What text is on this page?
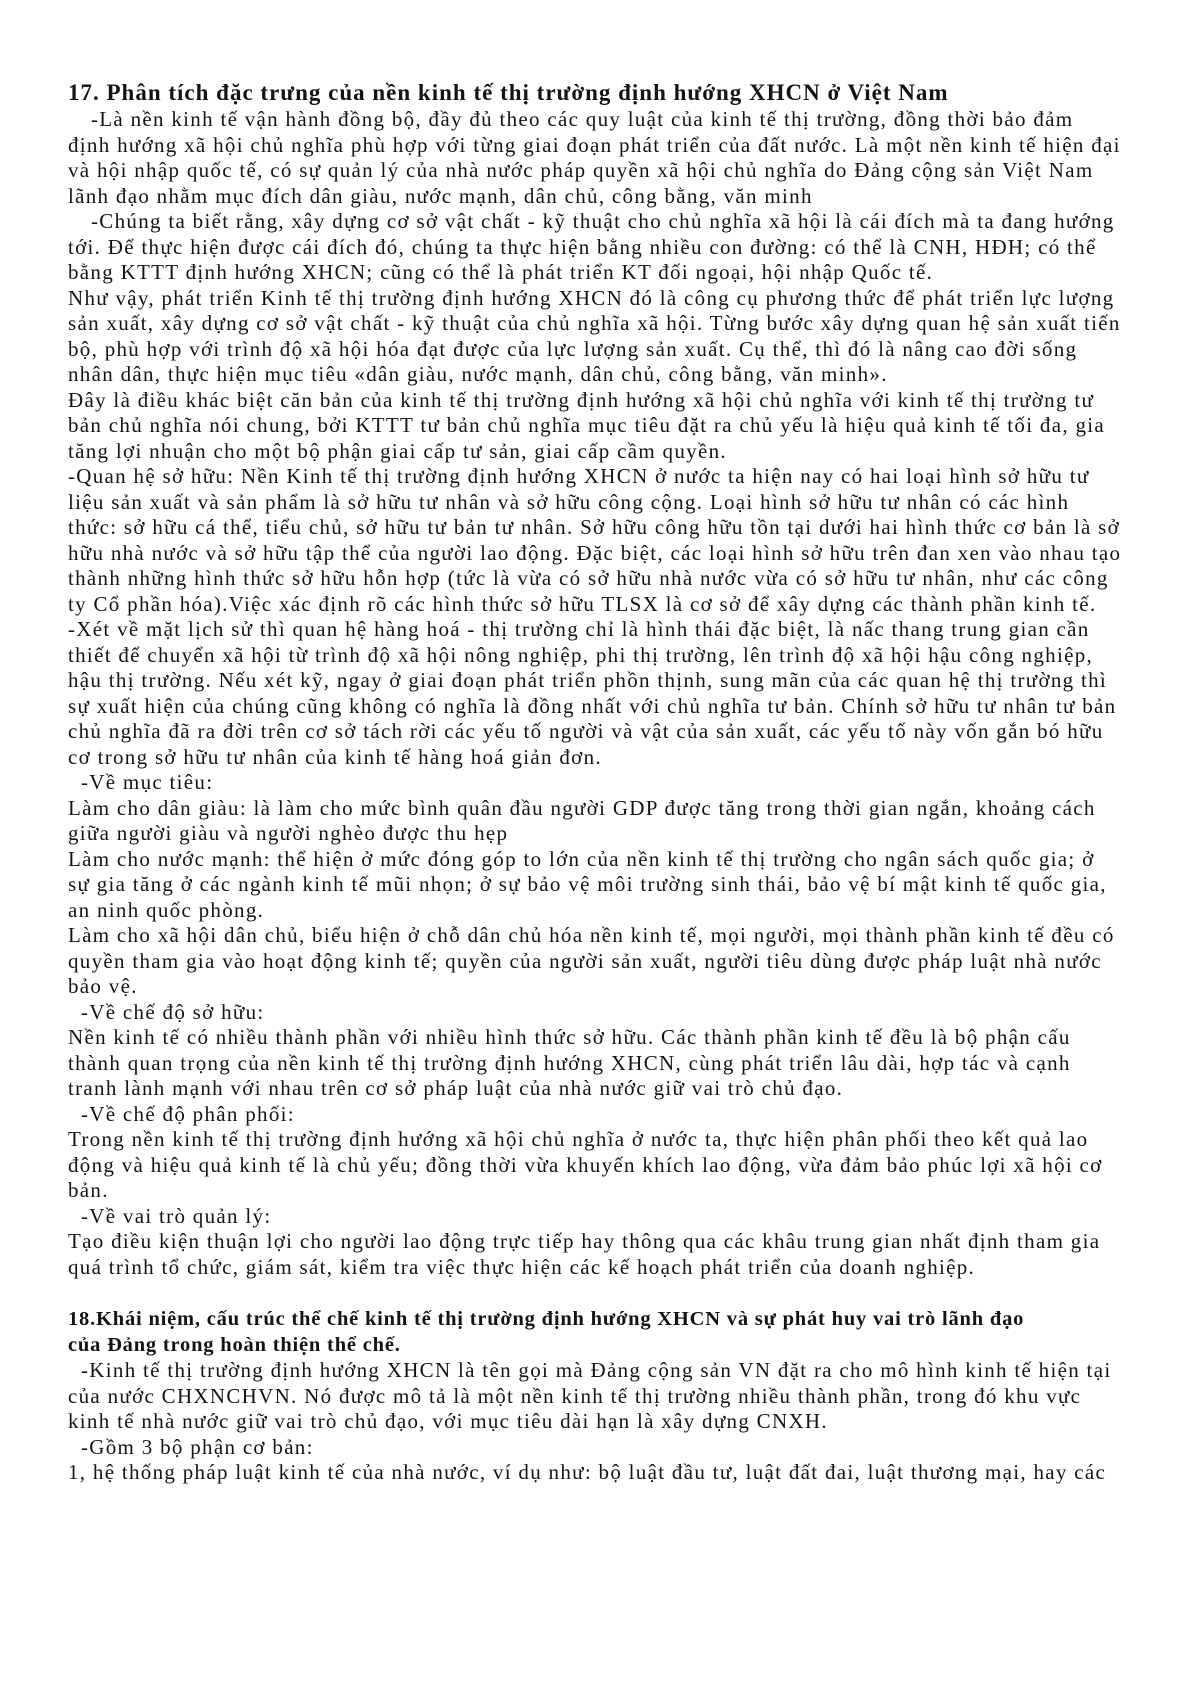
17. Phân tích đặc trưng của nền kinh tế thị trường định hướng XHCN ở Việt Nam
-Là nền kinh tế vận hành đồng bộ, đầy đủ theo các quy luật của kinh tế thị trường, đồng thời bảo đảm
định hướng xã hội chủ nghĩa phù hợp với từng giai đoạn phát triển của đất nước. Là một nền kinh tế hiện đại
và hội nhập quốc tế, có sự quản lý của nhà nước pháp quyền xã hội chủ nghĩa do Đảng cộng sản Việt Nam
lãnh đạo nhằm mục đích dân giàu, nước mạnh, dân chủ, công bằng, văn minh
-Chúng ta biết rằng, xây dựng cơ sở vật chất - kỹ thuật cho chủ nghĩa xã hội là cái đích mà ta đang hướng
tới. Để thực hiện được cái đích đó, chúng ta thực hiện bằng nhiều con đường: có thể là CNH, HĐH; có thể
bằng KTTT định hướng XHCN; cũng có thể là phát triển KT đối ngoại, hội nhập Quốc tế.
Như vậy, phát triển Kinh tế thị trường định hướng XHCN đó là công cụ phương thức để phát triển lực lượng
sản xuất, xây dựng cơ sở vật chất - kỹ thuật của chủ nghĩa xã hội. Từng bước xây dựng quan hệ sản xuất tiến
bộ, phù hợp với trình độ xã hội hóa đạt được của lực lượng sản xuất. Cụ thể, thì đó là nâng cao đời sống
nhân dân, thực hiện mục tiêu «dân giàu, nước mạnh, dân chủ, công bằng, văn minh».
Đây là điều khác biệt căn bản của kinh tế thị trường định hướng xã hội chủ nghĩa với kinh tế thị trường tư
bản chủ nghĩa nói chung, bởi KTTT tư bản chủ nghĩa mục tiêu đặt ra chủ yếu là hiệu quả kinh tế tối đa, gia
tăng lợi nhuận cho một bộ phận giai cấp tư sản, giai cấp cầm quyền.
-Quan hệ sở hữu: Nền Kinh tế thị trường định hướng XHCN ở nước ta hiện nay có hai loại hình sở hữu tư
liệu sản xuất và sản phẩm là sở hữu tư nhân và sở hữu công cộng. Loại hình sở hữu tư nhân có các hình
thức: sở hữu cá thể, tiểu chủ, sở hữu tư bản tư nhân. Sở hữu công hữu tồn tại dưới hai hình thức cơ bản là sở
hữu nhà nước và sở hữu tập thể của người lao động. Đặc biệt, các loại hình sở hữu trên đan xen vào nhau tạo
thành những hình thức sở hữu hỗn hợp (tức là vừa có sở hữu nhà nước vừa có sở hữu tư nhân, như các công
ty Cổ phần hóa).Việc xác định rõ các hình thức sở hữu TLSX là cơ sở để xây dựng các thành phần kinh tế.
-Xét về mặt lịch sử thì quan hệ hàng hoá - thị trường chỉ là hình thái đặc biệt, là nấc thang trung gian cần
thiết để chuyển xã hội từ trình độ xã hội nông nghiệp, phi thị trường, lên trình độ xã hội hậu công nghiệp,
hậu thị trường. Nếu xét kỹ, ngay ở giai đoạn phát triển phồn thịnh, sung mãn của các quan hệ thị trường thì
sự xuất hiện của chúng cũng không có nghĩa là đồng nhất với chủ nghĩa tư bản. Chính sở hữu tư nhân tư bản
chủ nghĩa đã ra đời trên cơ sở tách rời các yếu tố người và vật của sản xuất, các yếu tố này vốn gắn bó hữu
cơ trong sở hữu tư nhân của kinh tế hàng hoá giản đơn.
-Về mục tiêu:
Làm cho dân giàu: là làm cho mức bình quân đầu người GDP được tăng trong thời gian ngắn, khoảng cách
giữa người giàu và người nghèo được thu hẹp
Làm cho nước mạnh: thể hiện ở mức đóng góp to lớn của nền kinh tế thị trường cho ngân sách quốc gia; ở
sự gia tăng ở các ngành kinh tế mũi nhọn; ở sự bảo vệ môi trường sinh thái, bảo vệ bí mật kinh tế quốc gia,
an ninh quốc phòng.
Làm cho xã hội dân chủ, biểu hiện ở chỗ dân chủ hóa nền kinh tế, mọi người, mọi thành phần kinh tế đều có
quyền tham gia vào hoạt động kinh tế; quyền của người sản xuất, người tiêu dùng được pháp luật nhà nước
bảo vệ.
-Về chế độ sở hữu:
Nền kinh tế có nhiều thành phần với nhiều hình thức sở hữu. Các thành phần kinh tế đều là bộ phận cấu
thành quan trọng của nền kinh tế thị trường định hướng XHCN, cùng phát triển lâu dài, hợp tác và cạnh
tranh lành mạnh với nhau trên cơ sở pháp luật của nhà nước giữ vai trò chủ đạo.
-Về chế độ phân phối:
Trong nền kinh tế thị trường định hướng xã hội chủ nghĩa ở nước ta, thực hiện phân phối theo kết quả lao
động và hiệu quả kinh tế là chủ yếu; đồng thời vừa khuyến khích lao động, vừa đảm bảo phúc lợi xã hội cơ
bản.
-Về vai trò quản lý:
Tạo điều kiện thuận lợi cho người lao động trực tiếp hay thông qua các khâu trung gian nhất định tham gia
quá trình tổ chức, giám sát, kiểm tra việc thực hiện các kế hoạch phát triển của doanh nghiệp.
18.Khái niệm, cấu trúc thể chế kinh tế thị trường định hướng XHCN và sự phát huy vai trò lãnh đạo
của Đảng trong hoàn thiện thể chế.
-Kinh tế thị trường định hướng XHCN là tên gọi mà Đảng cộng sản VN đặt ra cho mô hình kinh tế hiện tại
của nước CHXNCHVN. Nó được mô tả là một nền kinh tế thị trường nhiều thành phần, trong đó khu vực
kinh tế nhà nước giữ vai trò chủ đạo, với mục tiêu dài hạn là xây dựng CNXH.
-Gồm 3 bộ phận cơ bản:
1, hệ thống pháp luật kinh tế của nhà nước, ví dụ như: bộ luật đầu tư, luật đất đai, luật thương mại, hay các
